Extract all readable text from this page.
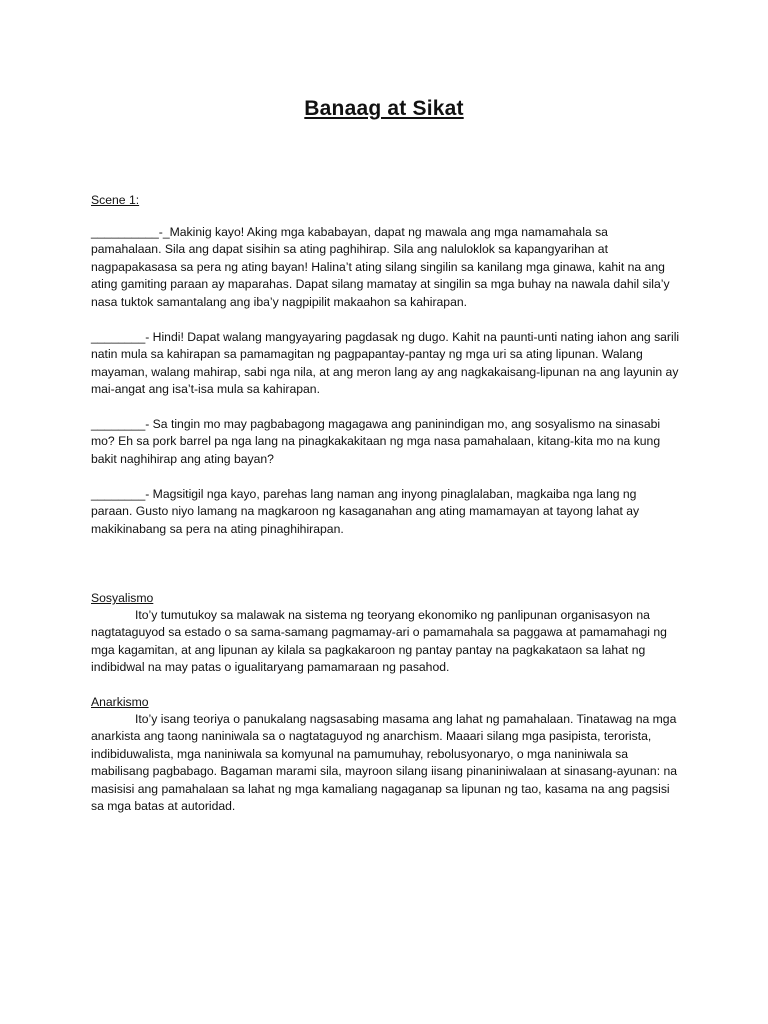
Banaag at Sikat
Scene 1:
__________-_Makinig kayo! Aking mga kababayan, dapat ng mawala ang mga namamahala sa pamahalaan. Sila ang dapat sisihin sa ating paghihirap. Sila ang naluloklok sa kapangyarihan at nagpapakasasa sa pera ng ating bayan! Halina’t ating silang singilin sa kanilang mga ginawa, kahit na ang ating gamiting paraan ay maparahas. Dapat silang mamatay at singilin sa mga buhay na nawala dahil sila’y nasa tuktok samantalang ang iba’y nagpipilit makaahon sa kahirapan.
________- Hindi! Dapat walang mangyayaring pagdasak ng dugo. Kahit na paunti-unti nating iahon ang sarili natin mula sa kahirapan sa pamamagitan ng pagpapantay-pantay ng mga uri sa ating lipunan. Walang mayaman, walang mahirap, sabi nga nila, at ang meron lang ay ang nagkakaisang-lipunan na ang layunin ay mai-angat ang isa’t-isa mula sa kahirapan.
________- Sa tingin mo may pagbabagong magagawa ang paninindigan mo, ang sosyalismo na sinasabi mo? Eh sa pork barrel pa nga lang na pinagkakakitaan ng mga nasa pamahalaan, kitang-kita mo na kung bakit naghihirap ang ating bayan?
________- Magsitigil nga kayo, parehas lang naman ang inyong pinaglalaban, magkaiba nga lang ng paraan. Gusto niyo lamang na magkaroon ng kasaganahan ang ating mamamayan at tayong lahat ay makikinabang sa pera na ating pinaghihirapan.
Sosyalismo
Ito’y tumutukoy sa malawak na sistema ng teoryang ekonomiko ng panlipunan organisasyon na nagtataguyod sa estado o sa sama-samang pagmamay-ari o pamamahala sa paggawa at pamamahagi ng mga kagamitan, at ang lipunan ay kilala sa pagkakaroon ng pantay pantay na pagkakataon sa lahat ng indibidwal na may patas o igualitaryang pamamaraan ng pasahod.
Anarkismo
Ito’y isang teoriya o panukalang nagsasabing masama ang lahat ng pamahalaan. Tinatawag na mga anarkista ang taong naniniwala sa o nagtataguyod ng anarchism. Maaari silang mga pasipista, terorista, indibiduwalista, mga naniniwala sa komyunal na pamumuhay, rebolusyonaryo, o mga naniniwala sa mabilisang pagbabago. Bagaman marami sila, mayroon silang iisang pinaniniwalaan at sinasang-ayunan: na masisisi ang pamahalaan sa lahat ng mga kamaliang nagaganap sa lipunan ng tao, kasama na ang pagsisi sa mga batas at autoridad.
